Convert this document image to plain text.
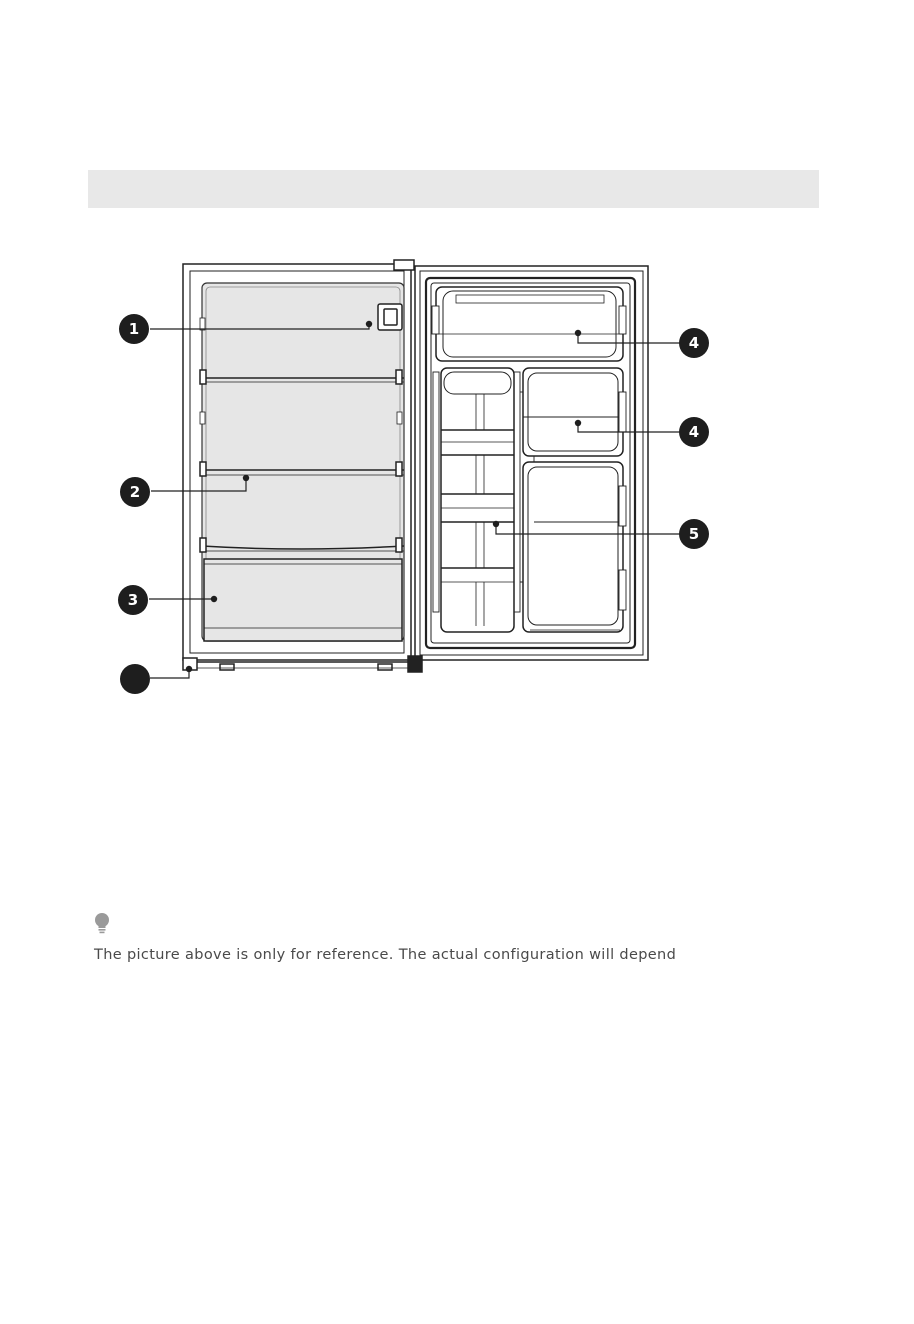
1
2
3
4
4
5
The picture above is only for reference. The actual configuration will depend
